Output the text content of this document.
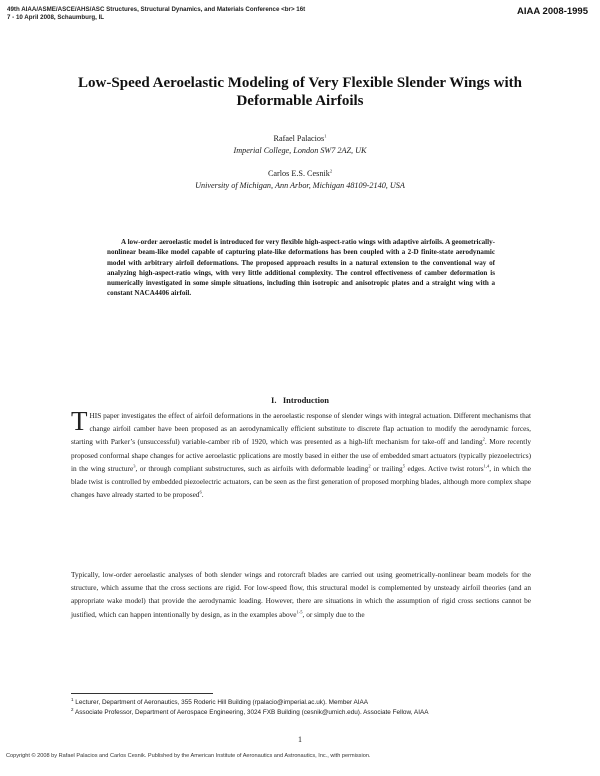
49th AIAA/ASME/ASCE/AHS/ASC Structures, Structural Dynamics, and Materials Conference <br> 16t
7 - 10 April 2008, Schaumburg, IL
AIAA 2008-1995
Low-Speed Aeroelastic Modeling of Very Flexible Slender Wings with Deformable Airfoils
Rafael Palacios$^1$
Imperial College, London SW7 2AZ, UK
Carlos E.S. Cesnik$^2$
University of Michigan, Ann Arbor, Michigan 48109-2140, USA
A low-order aeroelastic model is introduced for very flexible high-aspect-ratio wings with adaptive airfoils. A geometrically-nonlinear beam-like model capable of capturing plate-like deformations has been coupled with a 2-D finite-state aerodynamic model with arbitrary airfoil deformations. The proposed approach results in a natural extension to the conventional way of analyzing high-aspect-ratio wings, with very little additional complexity. The control effectiveness of camber deformation is numerically investigated in some simple situations, including thin isotropic and anisotropic plates and a straight wing with a constant NACA4406 airfoil.
I. Introduction
THIS paper investigates the effect of airfoil deformations in the aeroelastic response of slender wings with integral actuation. Different mechanisms that change airfoil camber have been proposed as an aerodynamically efficient substitute to discrete flap actuation to modify the aerodynamic forces, starting with Parker’s (unsuccessful) variable-camber rib of 1920, which was presented as a high-lift mechanism for take-off and landing$^2$. More recently proposed conformal shape changes for active aeroelastic pplications are mostly based in either the use of embedded smart actuators (typically piezoelectrics) in the wing structure$^3$, or through compliant substructures, such as airfoils with deformable leading$^2$ or trailing$^5$ edges. Active twist rotors$^{1,4}$, in which the blade twist is controlled by embedded piezoelectric actuators, can be seen as the first generation of proposed morphing blades, although more complex shape changes have already started to be proposed$^6$.
Typically, low-order aeroelastic analyses of both slender wings and rotorcraft blades are carried out using geometrically-nonlinear beam models for the structure, which assume that the cross sections are rigid. For low-speed flow, this structural model is complemented by unsteady airfoil theories (and an appropriate wake model) that provide the aerodynamic loading. However, there are situations in which the assumption of rigid cross sections cannot be justified, which can happen intentionally by design, as in the examples above$^{1-5}$, or simply due to the
$^1$ Lecturer, Department of Aeronautics, 355 Roderic Hill Building (rpalacio@imperial.ac.uk). Member AIAA
$^2$ Associate Professor, Department of Aerospace Engineering, 3024 FXB Building (cesnik@umich.edu). Associate Fellow, AIAA
1
Copyright © 2008 by Rafael Palacios and Carlos Cesnik. Published by the American Institute of Aeronautics and Astronautics, Inc., with permission.
